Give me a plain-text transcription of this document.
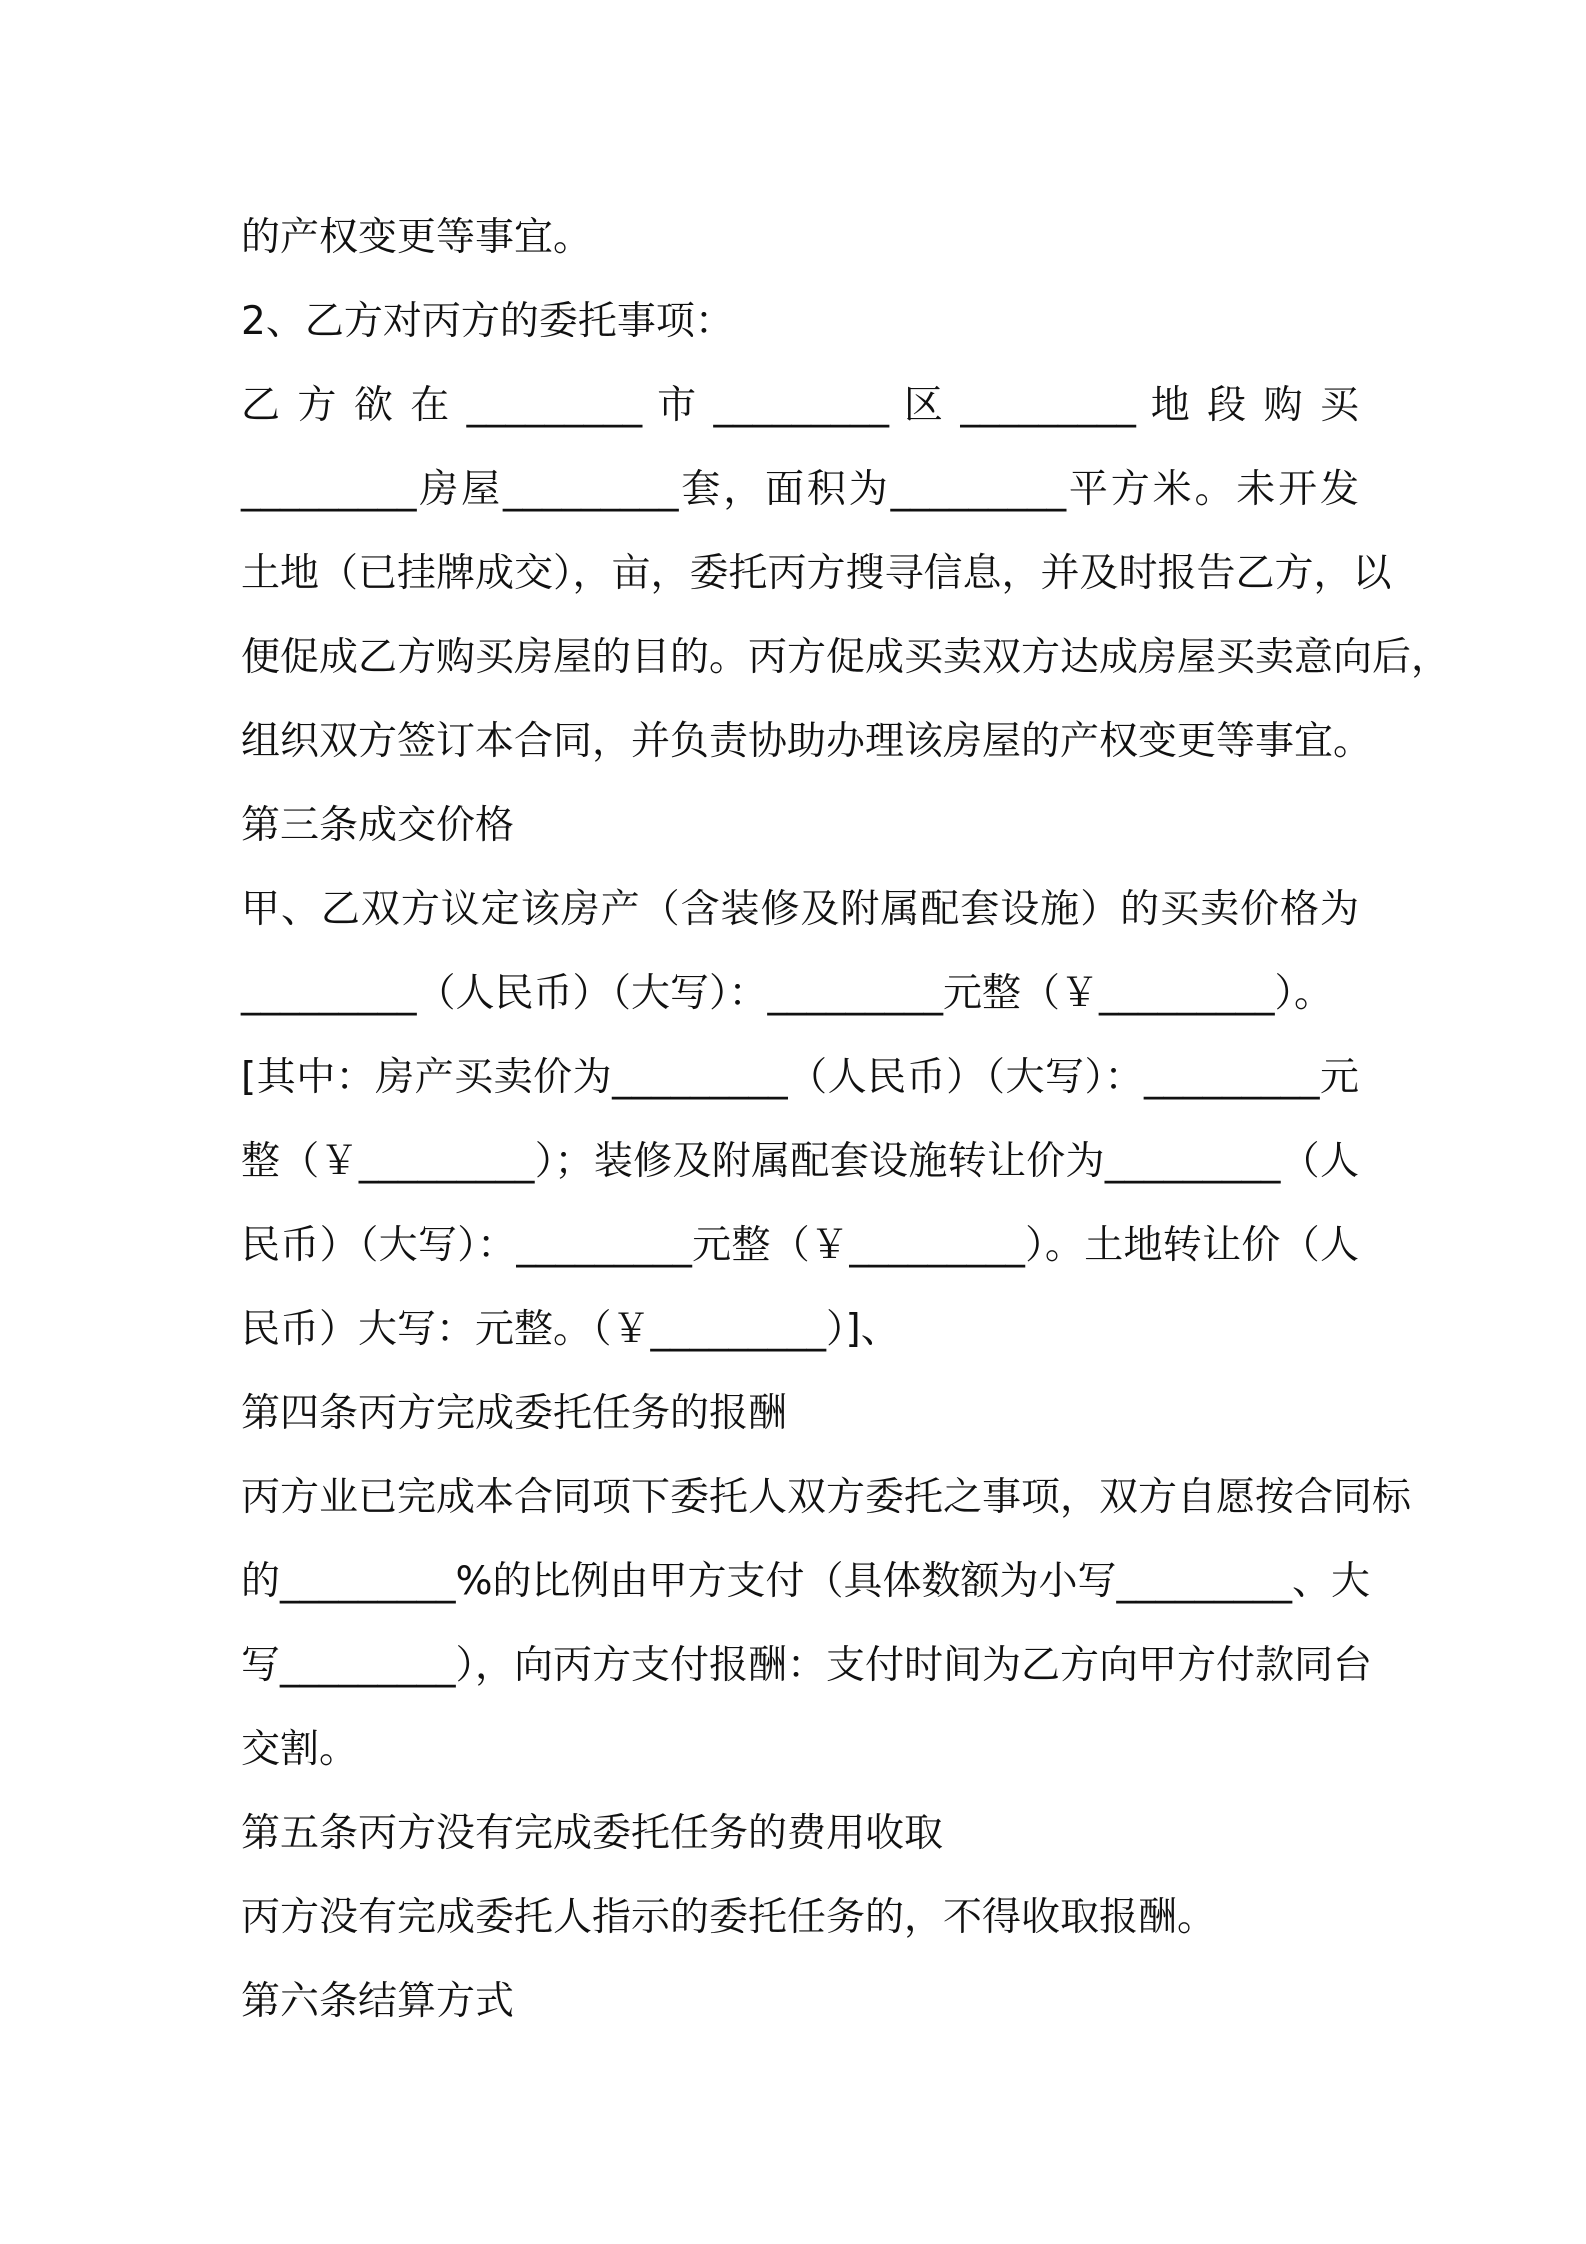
的产权变更等事宜。
2、乙方对丙方的委托事项：
乙 方 欲 在 _________ 市 _________ 区 _________ 地 段 购 买
_________房屋_________套，面积为_________平方米。未开发
土地（已挂牌成交），亩，委托丙方搜寻信息，并及时报告乙方，以
便促成乙方购买房屋的目的。丙方促成买卖双方达成房屋买卖意向后，
组织双方签订本合同，并负责协助办理该房屋的产权变更等事宜。
第三条成交价格
甲、乙双方议定该房产（含装修及附属配套设施）的买卖价格为
_________（人民币）（大写）：_________元整（￥_________）。
[其中：房产买卖价为_________（人民币）（大写）：_________元
整（￥_________）；装修及附属配套设施转让价为_________（人
民币）（大写）：_________元整（￥_________）。土地转让价（人
民币）大写：元整。（￥_________）]、
第四条丙方完成委托任务的报酬
丙方业已完成本合同项下委托人双方委托之事项，双方自愿按合同标
的_________%的比例由甲方支付（具体数额为小写_________、大
写_________），向丙方支付报酬：支付时间为乙方向甲方付款同台
交割。
第五条丙方没有完成委托任务的费用收取
丙方没有完成委托人指示的委托任务的，不得收取报酬。
第六条结算方式
